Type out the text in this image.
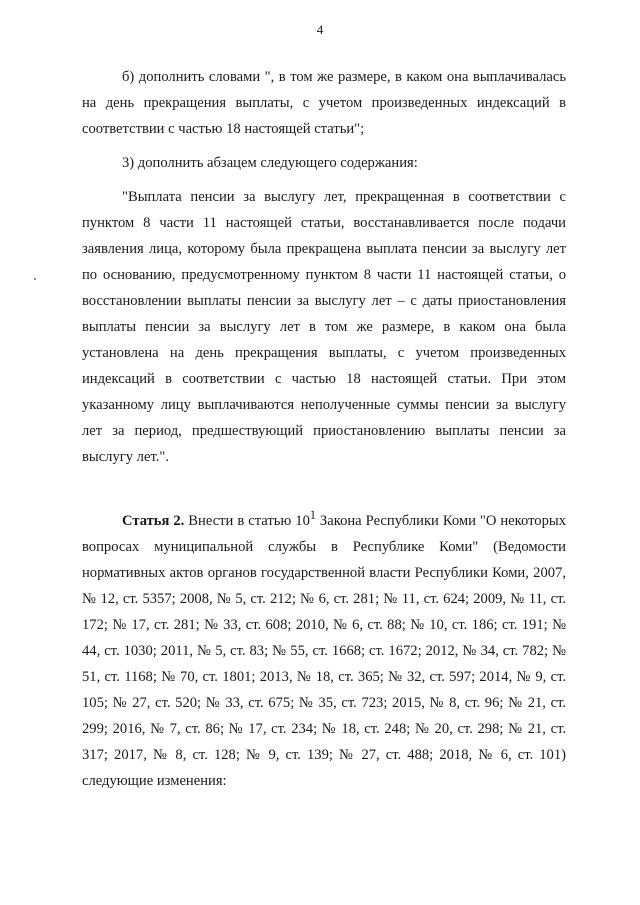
4

б) дополнить словами ", в том же размере, в каком она выплачивалась на день прекращения выплаты, с учетом произведенных индексаций в соответствии с частью 18 настоящей статьи";

3) дополнить абзацем следующего содержания:

"Выплата пенсии за выслугу лет, прекращенная в соответствии с пунктом 8 части 11 настоящей статьи, восстанавливается после подачи заявления лица, которому была прекращена выплата пенсии за выслугу лет по основанию, предусмотренному пунктом 8 части 11 настоящей статьи, о восстановлении выплаты пенсии за выслугу лет – с даты приостановления выплаты пенсии за выслугу лет в том же размере, в каком она была установлена на день прекращения выплаты, с учетом произведенных индексаций в соответствии с частью 18 настоящей статьи. При этом указанному лицу выплачиваются неполученные суммы пенсии за выслугу лет за период, предшествующий приостановлению выплаты пенсии за выслугу лет.".

Статья 2. Внести в статью $10^1$ Закона Республики Коми "О некоторых вопросах муниципальной службы в Республике Коми" (Ведомости нормативных актов органов государственной власти Республики Коми, 2007, № 12, ст. 5357; 2008, № 5, ст. 212; № 6, ст. 281; № 11, ст. 624; 2009, № 11, ст. 172; № 17, ст. 281; № 33, ст. 608; 2010, № 6, ст. 88; № 10, ст. 186; ст. 191; № 44, ст. 1030; 2011, № 5, ст. 83; № 55, ст. 1668; ст. 1672; 2012, № 34, ст. 782; № 51, ст. 1168; № 70, ст. 1801; 2013, № 18, ст. 365; № 32, ст. 597; 2014, № 9, ст. 105; № 27, ст. 520; № 33, ст. 675; № 35, ст. 723; 2015, № 8, ст. 96; № 21, ст. 299; 2016, № 7, ст. 86; № 17, ст. 234; № 18, ст. 248; № 20, ст. 298; № 21, ст. 317; 2017, № 8, ст. 128; № 9, ст. 139; № 27, ст. 488; 2018, № 6, ст. 101) следующие изменения:
